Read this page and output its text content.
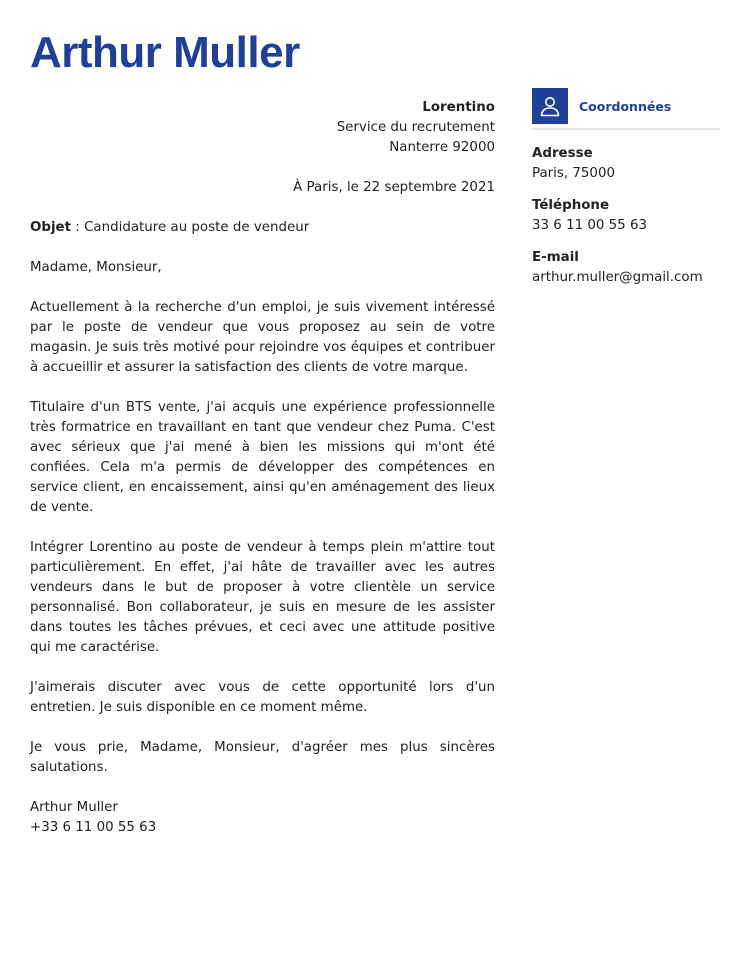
Arthur Muller
Lorentino
Service du recrutement
Nanterre 92000
À Paris, le 22 septembre 2021
Objet : Candidature au poste de vendeur
Madame, Monsieur,

Actuellement à la recherche d'un emploi, je suis vivement intéressé par le poste de vendeur que vous proposez au sein de votre magasin. Je suis très motivé pour rejoindre vos équipes et contribuer à accueillir et assurer la satisfaction des clients de votre marque.

Titulaire d'un BTS vente, j'ai acquis une expérience professionnelle très formatrice en travaillant en tant que vendeur chez Puma. C'est avec sérieux que j'ai mené à bien les missions qui m'ont été confiées. Cela m'a permis de développer des compétences en service client, en encaissement, ainsi qu'en aménagement des lieux de vente.

Intégrer Lorentino au poste de vendeur à temps plein m'attire tout particulièrement. En effet, j'ai hâte de travailler avec les autres vendeurs dans le but de proposer à votre clientèle un service personnalisé. Bon collaborateur, je suis en mesure de les assister dans toutes les tâches prévues, et ceci avec une attitude positive qui me caractérise.

J'aimerais discuter avec vous de cette opportunité lors d'un entretien. Je suis disponible en ce moment même.

Je vous prie, Madame, Monsieur, d'agréer mes plus sincères salutations.

Arthur Muller
+33 6 11 00 55 63
Coordonnées
Adresse
Paris, 75000
Téléphone
33 6 11 00 55 63
E-mail
arthur.muller@gmail.com
